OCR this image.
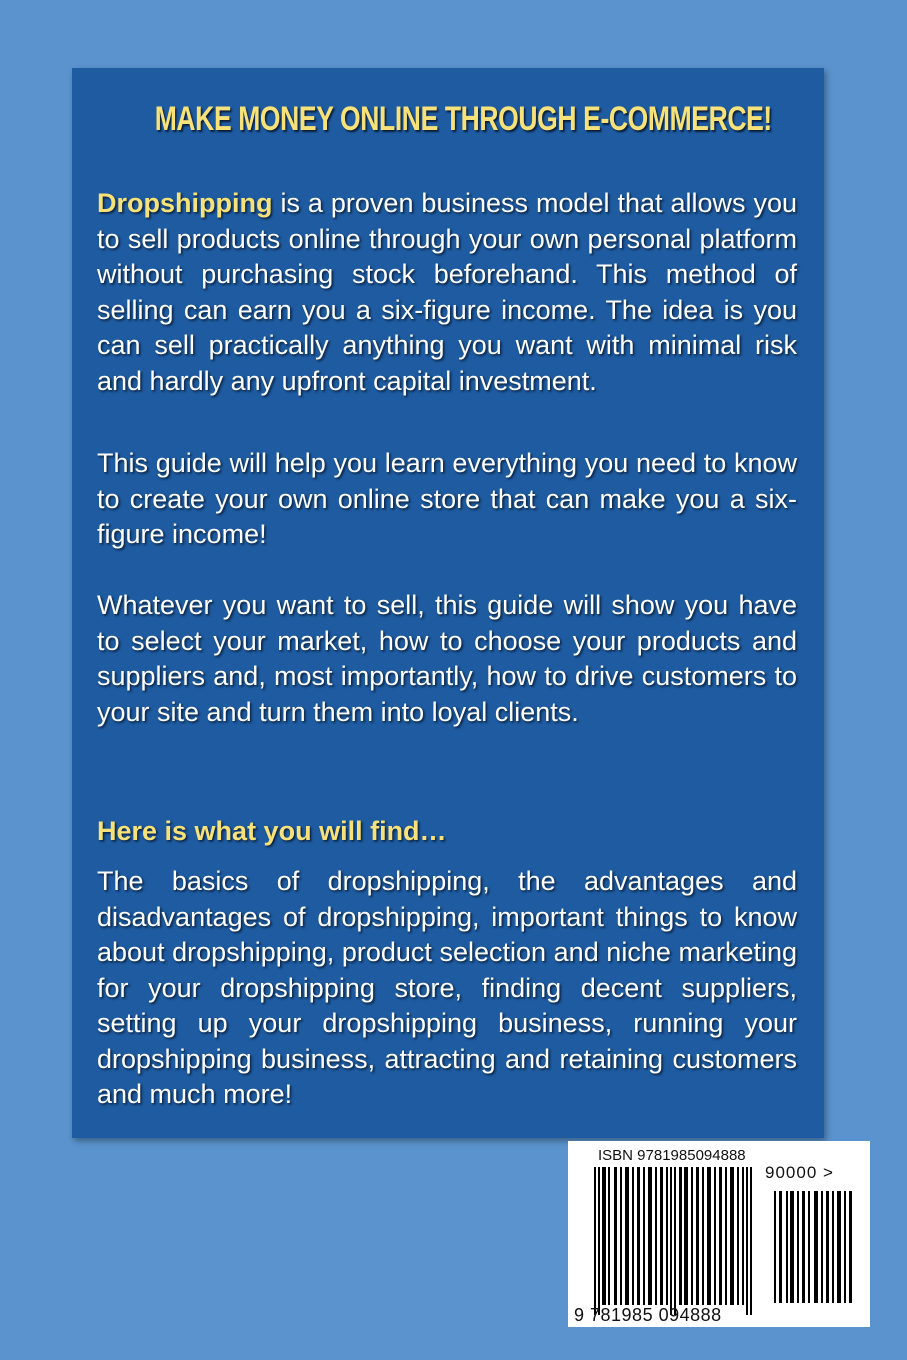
MAKE MONEY ONLINE THROUGH E-COMMERCE!

Dropshipping is a proven business model that allows you to sell products online through your own personal platform without purchasing stock beforehand. This method of selling can earn you a six-figure income. The idea is you can sell practically anything you want with minimal risk and hardly any upfront capital investment.

This guide will help you learn everything you need to know to create your own online store that can make you a six-figure income!

Whatever you want to sell, this guide will show you have to select your market, how to choose your products and suppliers and, most importantly, how to drive customers to your site and turn them into loyal clients.

Here is what you will find…

The basics of dropshipping, the advantages and disadvantages of dropshipping, important things to know about dropshipping, product selection and niche marketing for your dropshipping store, finding decent suppliers, setting up your dropshipping business, running your dropshipping business, attracting and retaining customers and much more!

ISBN 9781985094888
90000 >
9 781985 094888
